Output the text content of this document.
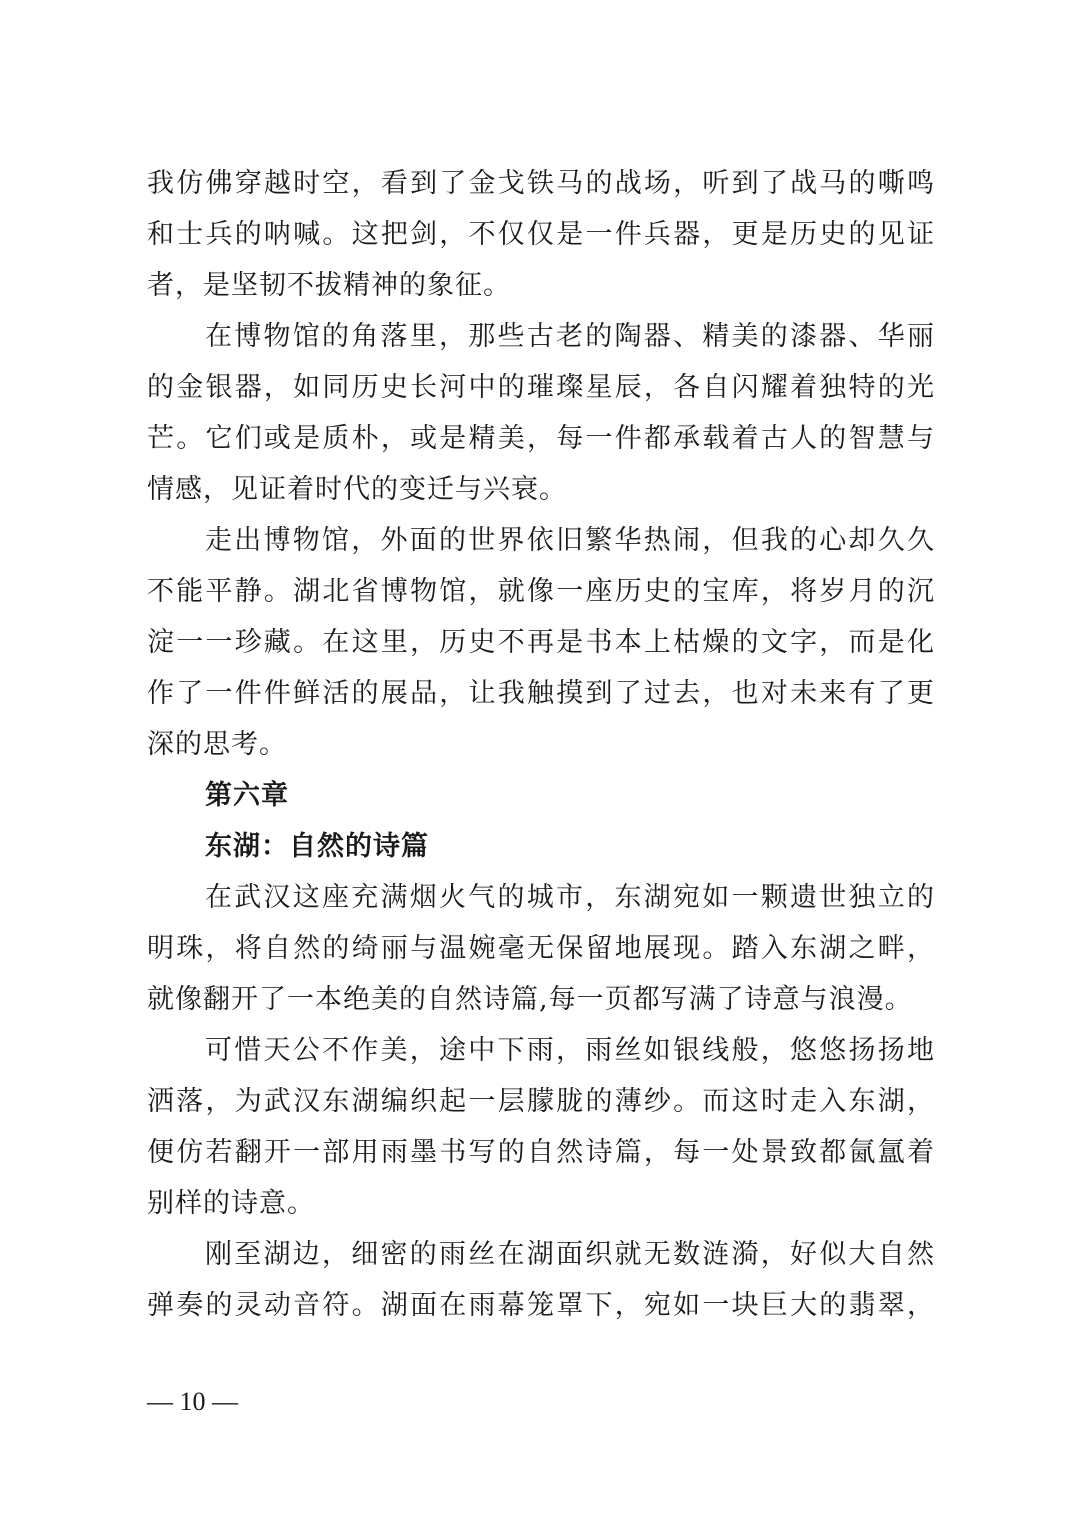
我仿佛穿越时空，看到了金戈铁马的战场，听到了战马的嘶鸣
和士兵的呐喊。这把剑，不仅仅是一件兵器，更是历史的见证
者，是坚韧不拔精神的象征。
在博物馆的角落里，那些古老的陶器、精美的漆器、华丽
的金银器，如同历史长河中的璀璨星辰，各自闪耀着独特的光
芒。它们或是质朴，或是精美，每一件都承载着古人的智慧与
情感，见证着时代的变迁与兴衰。
走出博物馆，外面的世界依旧繁华热闹，但我的心却久久
不能平静。湖北省博物馆，就像一座历史的宝库，将岁月的沉
淀一一珍藏。在这里，历史不再是书本上枯燥的文字，而是化
作了一件件鲜活的展品，让我触摸到了过去，也对未来有了更
深的思考。
第六章
东湖：自然的诗篇
在武汉这座充满烟火气的城市，东湖宛如一颗遗世独立的
明珠，将自然的绮丽与温婉毫无保留地展现。踏入东湖之畔，
就像翻开了一本绝美的自然诗篇,每一页都写满了诗意与浪漫。
可惜天公不作美，途中下雨，雨丝如银线般，悠悠扬扬地
洒落，为武汉东湖编织起一层朦胧的薄纱。而这时走入东湖，
便仿若翻开一部用雨墨书写的自然诗篇，每一处景致都氤氲着
别样的诗意。
刚至湖边，细密的雨丝在湖面织就无数涟漪，好似大自然
弹奏的灵动音符。湖面在雨幕笼罩下，宛如一块巨大的翡翠，
— 10 —
